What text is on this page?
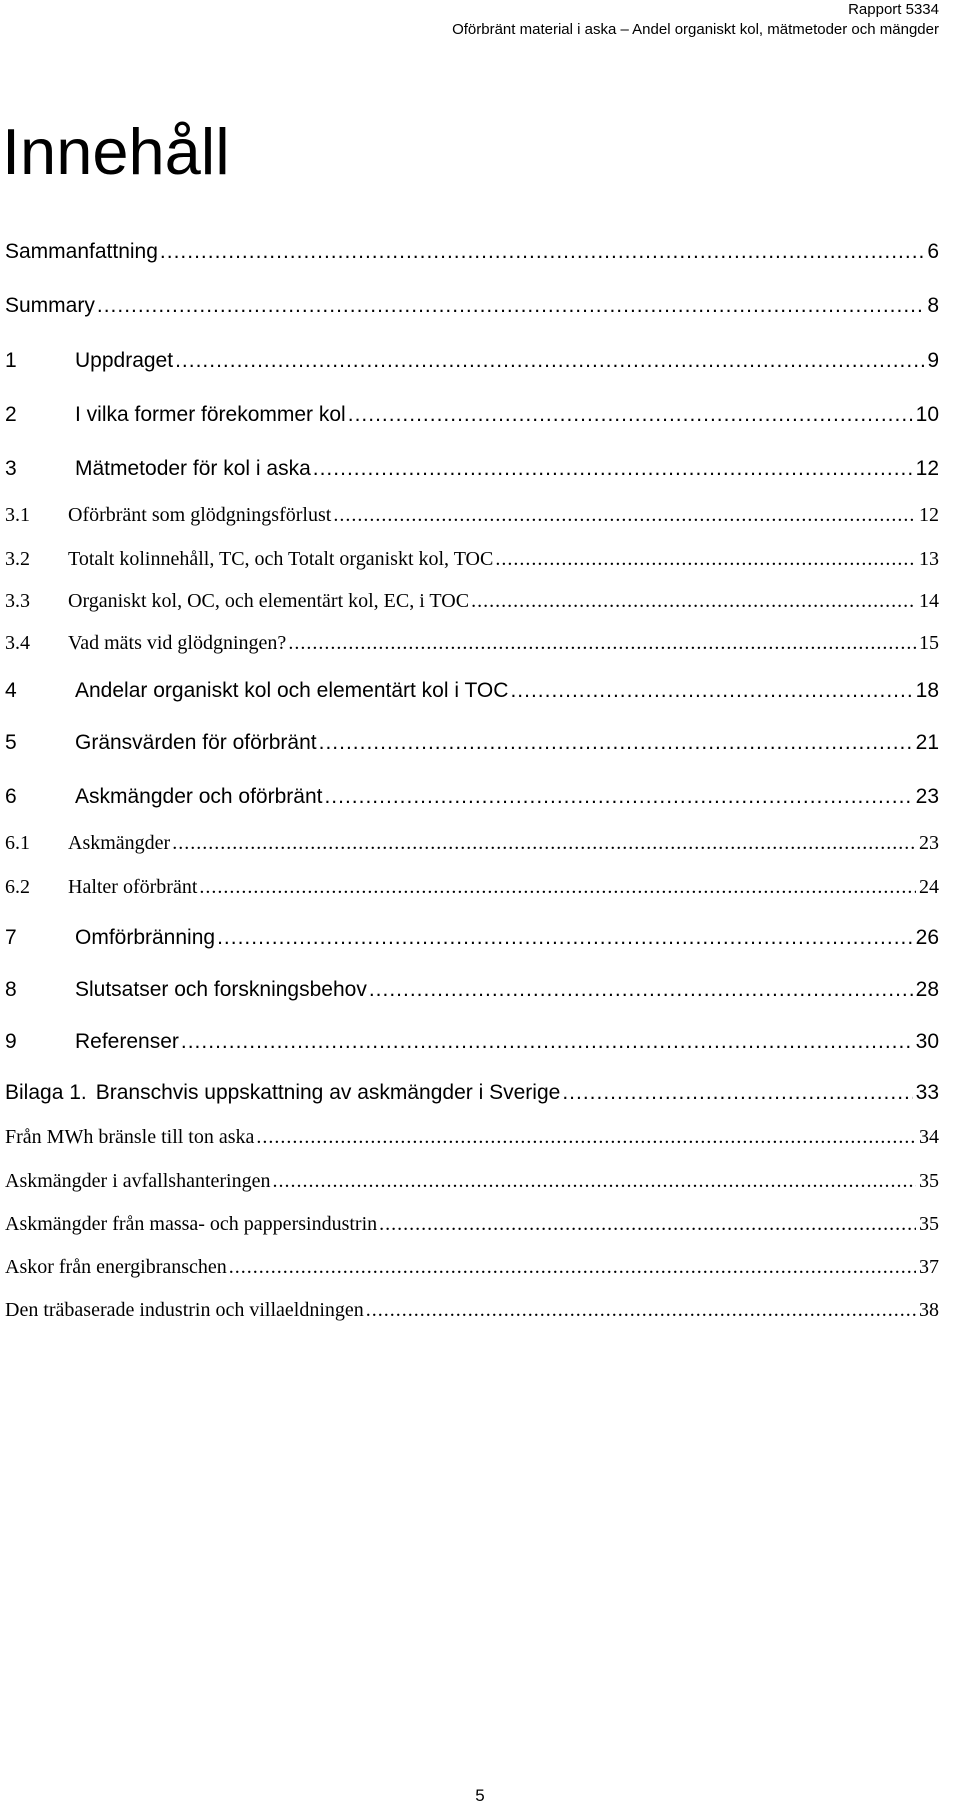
Rapport 5334
Oförbränt material i aska – Andel organiskt kol, mätmetoder och mängder
Innehåll
Sammanfattning .....	6
Summary .....	8
1	Uppdraget .....	9
2	I vilka former förekommer kol .....	10
3	Mätmetoder för kol i aska .....	12
3.1	Oförbränt som glödgningsförlust .....	12
3.2	Totalt kolinnehåll, TC, och Totalt organiskt kol, TOC .....	13
3.3	Organiskt kol, OC, och elementärt kol, EC, i TOC .....	14
3.4	Vad mäts vid glödgningen? .....	15
4	Andelar organiskt kol och elementärt kol i TOC .....	18
5	Gränsvärden för oförbränt .....	21
6	Askmängder och oförbränt .....	23
6.1	Askmängder .....	23
6.2	Halter oförbränt .....	24
7	Omförbränning .....	26
8	Slutsatser och forskningsbehov .....	28
9	Referenser .....	30
Bilaga 1. Branschvis uppskattning av askmängder i Sverige .....	33
Från MWh bränsle till ton aska .....	34
Askmängder i avfallshanteringen .....	35
Askmängder från massa- och pappersindustrin .....	35
Askor från energibranschen .....	37
Den träbaserade industrin och villaeldningen .....	38
5
